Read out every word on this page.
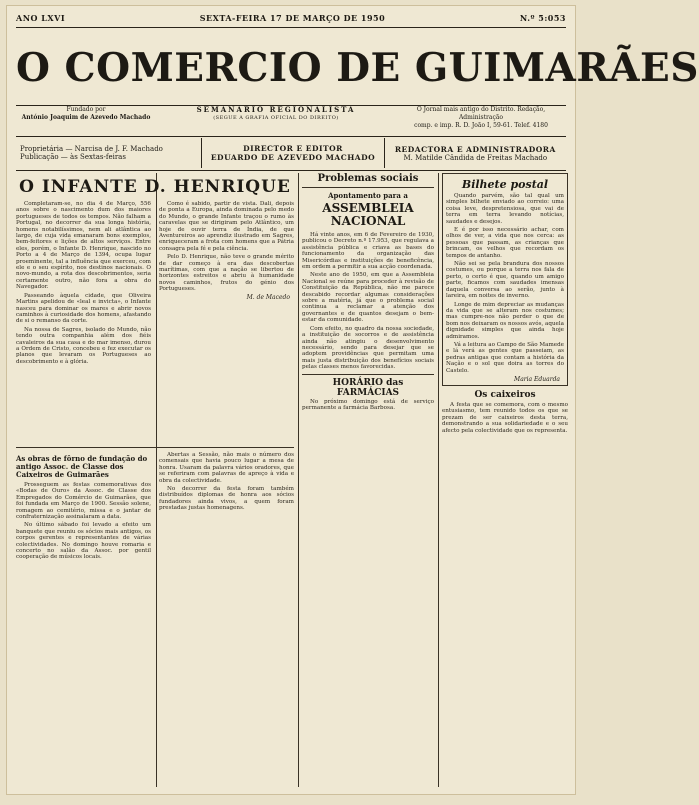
ANO LXVI	SEXTA-FEIRA 17 DE MARÇO DE 1950	N.º 5:053
O COMERCIO DE GUIMARÃES
Fundado por
António Joaquim de Azevedo Machado
SEMANÁRIO REGIONALISTA
(SEGUE A GRAFIA OFICIAL DO DIREITO)
O Jornal mais antigo do Distrito. Redação, Administração
comp. e imp. R. D. João I, 59-61. Telef. 4180
Proprietária — Narcisa de J. F. Machado
Publicação — às Sextas-feiras
DIRECTOR E EDITOR
EDUARDO DE AZEVEDO MACHADO
REDACTORA E ADMINISTRADORA
M. Matilde Cândida de Freitas Machado
O INFANTE D. HENRIQUE

Completaram-se, no dia 4 de Março, 556 anos sobre o nascimento dum dos maiores portugueses de todos os tempos. Não falham a Portugal, no decorrer da sua longa história, homens notabilíssimos, nem ali atlântica ao largo, de cuja vida emanaram bons exemplos, bem-feitores e lições de altos serviços. Entre eles, porém, o Infante D. Henrique, nascido no Porto a 4 de Março de 1394, ocupa lugar proeminente, tal a influência que exerceu, com ele e o seu espírito, nos destinos nacionais. O novo-mundo, a rota dos descobrimentos, seria certamente outro, não fora a obra do Navegador.

Passeando àquela cidade, que Oliveira Martins apelidou de «leal e invicta», o Infante nasceu para dominar os mares e abrir novos caminhos à curiosidade dos homens, afastando de si o remanso da corte.

Na nossa de Sagres, isolado do Mundo, não tendo outra companhia além dos fiéis cavaleiros da sua casa e do mar imenso, durou a Ordem de Cristo, concebeu e fez executar os planos que levaram os Portugueses ao descobrimento e à glória.

Como é sabido, partir de vista. Dali, depois de ponta a Europa, ainda dominada pelo medo do Mundo, o grande Infante traçou o rumo às caravelas que se dirigiram pelo Atlântico, um hoje de ouvir terra de Índia, de que Aventureiros ao aprendiz ilustrado em Sagres, enriqueceram a frota com homens que a Pátria consagra pela fé e pela ciência.

Pelo D. Henrique, não teve o grande mérito de dar começo à era das descobertas marítimas, com que a nação se libertou de horizontes estreitos e abriu à humanidade novos caminhos, frutos do génio dos Portugueses.

M. de Macedo
As obras de fôrno de fundação do antigo Assoc. de Classe dos Caixeiros de Guimarães

Prosseguem as festas comemorativas dos «Bodas de Ouro» da Assoc. de Classe dos Empregados do Comércio de Guimarães, que foi fundada em Março de 1900. Sessão solene, romagem ao cemitério, missa e o jantar de confraternização assinalaram a data.

No último sábado foi levado a efeito um banquete que reuniu os sócios mais antigos, os corpos gerentes e representantes de várias colectividades. No domingo houve romaria e concerto no salão da Assoc. por gentil cooperação de músicos locais.

Abertas a Sessão, não mais o número dos comensais que havia pouco lugar a mesa de honra. Usaram da palavra vários oradores, que se referiram com palavras de apreço à vida e obra da colectividade.

No decorrer da festa foram também distribuídos diplomas de honra aos sócios fundadores ainda vivos, a quem foram prestadas justas homenagens.

Problemas sociais
Apontamento para a
ASSEMBLEIA NACIONAL

Há vinte anos, em 6 de Fevereiro de 1930, publicou o Decreto n.º 17.953, que regulava a assistência pública e criava as bases do funcionamento da organização das Misericórdias e instituições de beneficência, em ordem a permitir a sua acção coordenada.

Neste ano de 1950, em que a Assembleia Nacional se reúne para proceder à revisão de Constituição da República, não me parece descabido recordar algumas considerações sobre a matéria, já que o problema social continua a reclamar a atenção dos governantes e de quantos desejam o bem-estar da comunidade.

Com efeito, no quadro da nossa sociedade, a instituição de socorros e de assistência ainda não atingiu o desenvolvimento necessário, sendo para desejar que se adoptem providências que permitam uma mais justa distribuição dos benefícios sociais pelas classes menos favorecidas.

HORÁRIO das FARMÁCIAS

No próximo domingo está de serviço permanente a farmácia Barbosa.

Bilhete postal

Quando parvém, são tal qual um simples bilhete enviado ao correio: uma coisa leve, despretensiosa, que vai de terra em terra levando notícias, saudades e desejos.

E é por isso necessário achar, com olhos de ver, a vida que nos cerca: as pessoas que passam, as crianças que brincam, os velhos que recordam os tempos de antanho.

Não sei se pela brandura dos nossos costumes, ou porque a terra nos fala de perto, o certo é que, quando um amigo parte, ficamos com saudades imensas daquela conversa ao serão, junto à lareira, em noites de inverno.

Longe de mim depreciar as mudanças da vida que se alteram nos costumes; mas cumpre-nos não perder o que de bom nos deixaram os nossos avós, aquela dignidade simples que ainda hoje admiramos.

Vá a leitura ao Campo de São Mamede e lá verá as gentes que passeiam, as pedras antigas que contam a história da Nação e o sol que doira as torres do Castelo.

Maria Eduarda
Os caixeiros

A festa que se comemora, com o mesmo entusiasmo, tem reunido todos os que se prezam de ser caixeiros desta terra, demonstrando a sua solidariedade e o seu afecto pela colectividade que os representa.
